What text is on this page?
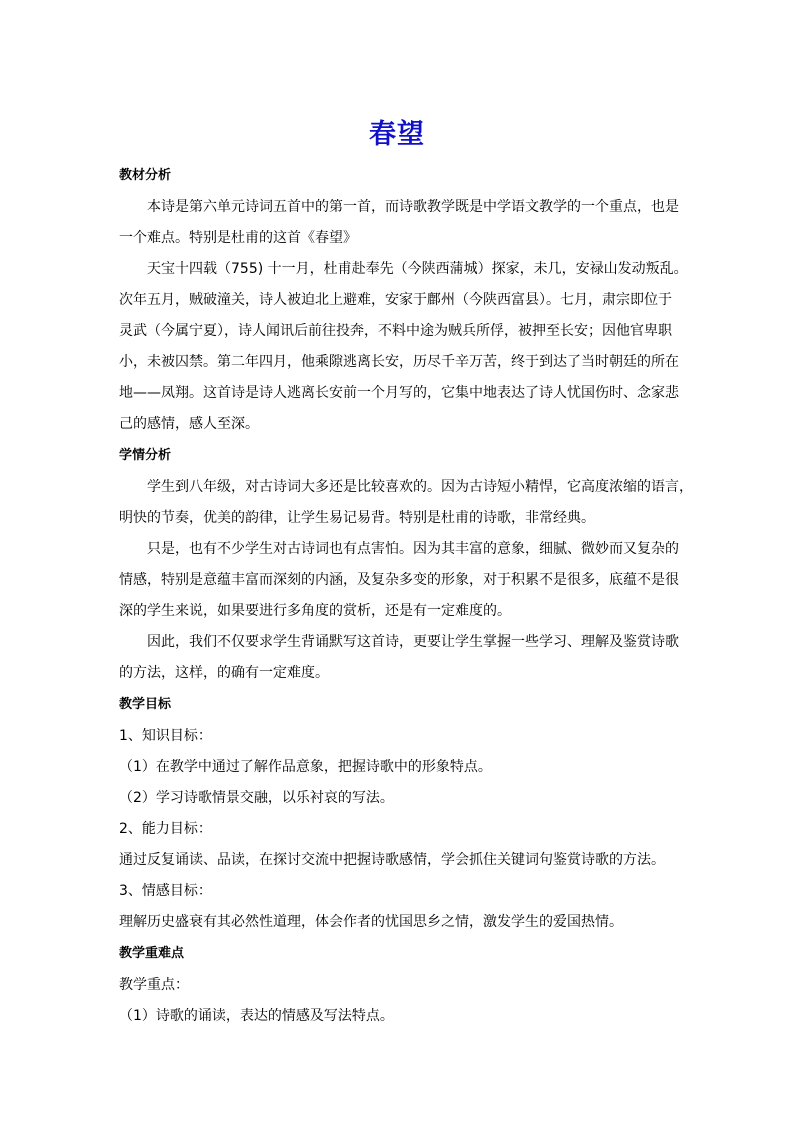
春望
教材分析
本诗是第六单元诗词五首中的第一首，而诗歌教学既是中学语文教学的一个重点，也是
一个难点。特别是杜甫的这首《春望》
天宝十四载（755) 十一月，杜甫赴奉先（今陕西蒲城）探家，未几，安禄山发动叛乱。
次年五月，贼破潼关，诗人被迫北上避难，安家于鄜州（今陕西富县）。七月，肃宗即位于
灵武（今属宁夏），诗人闻讯后前往投奔，不料中途为贼兵所俘，被押至长安；因他官卑职
小，未被囚禁。第二年四月，他乘隙逃离长安，历尽千辛万苦，终于到达了当时朝廷的所在
地——凤翔。这首诗是诗人逃离长安前一个月写的，它集中地表达了诗人忧国伤时、念家悲
己的感情，感人至深。
学情分析
学生到八年级，对古诗词大多还是比较喜欢的。因为古诗短小精悍，它高度浓缩的语言，
明快的节奏，优美的韵律，让学生易记易背。特别是杜甫的诗歌，非常经典。
只是，也有不少学生对古诗词也有点害怕。因为其丰富的意象，细腻、微妙而又复杂的
情感，特别是意蕴丰富而深刻的内涵，及复杂多变的形象，对于积累不是很多，底蕴不是很
深的学生来说，如果要进行多角度的赏析，还是有一定难度的。
因此，我们不仅要求学生背诵默写这首诗，更要让学生掌握一些学习、理解及鉴赏诗歌
的方法，这样，的确有一定难度。
教学目标
1、知识目标：
（1）在教学中通过了解作品意象，把握诗歌中的形象特点。
（2）学习诗歌情景交融，以乐衬哀的写法。
2、能力目标：
通过反复诵读、品读，在探讨交流中把握诗歌感情，学会抓住关键词句鉴赏诗歌的方法。
3、情感目标：
理解历史盛衰有其必然性道理，体会作者的忧国思乡之情，激发学生的爱国热情。
教学重难点
教学重点：
（1）诗歌的诵读，表达的情感及写法特点。
